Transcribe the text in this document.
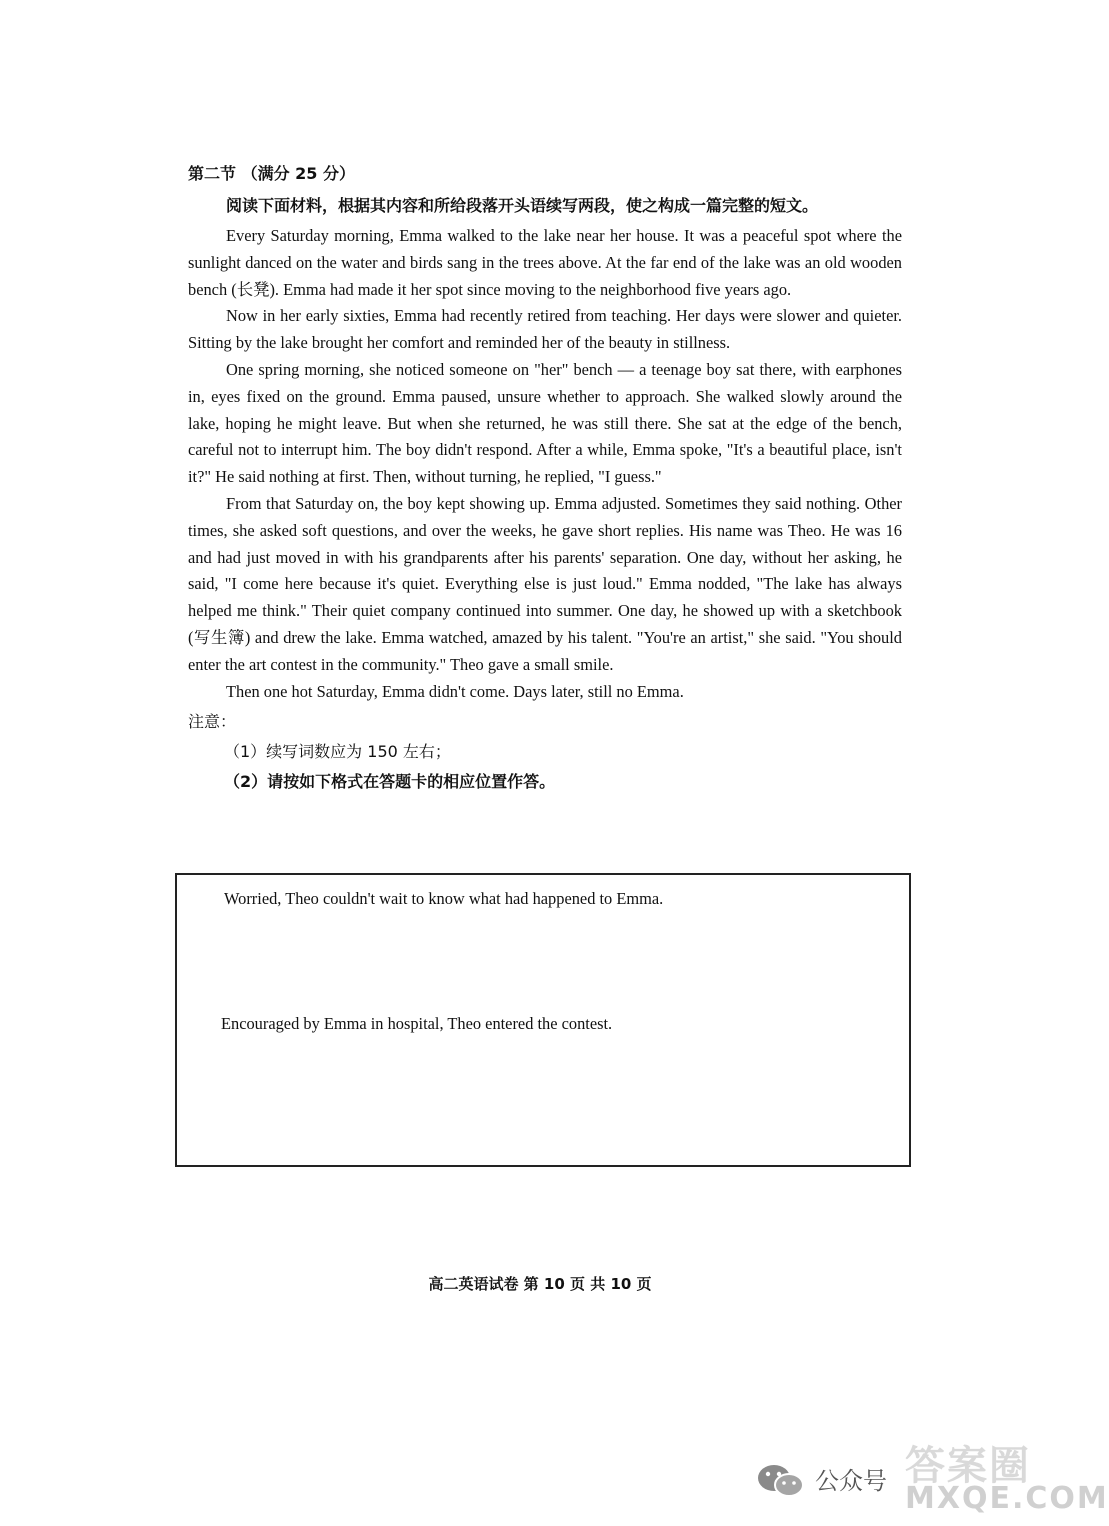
第二节 （满分 25 分）
阅读下面材料，根据其内容和所给段落开头语续写两段，使之构成一篇完整的短文。

Every Saturday morning, Emma walked to the lake near her house. It was a peaceful spot where the sunlight danced on the water and birds sang in the trees above. At the far end of the lake was an old wooden bench (长凳). Emma had made it her spot since moving to the neighborhood five years ago.

Now in her early sixties, Emma had recently retired from teaching. Her days were slower and quieter. Sitting by the lake brought her comfort and reminded her of the beauty in stillness.

One spring morning, she noticed someone on "her" bench — a teenage boy sat there, with earphones in, eyes fixed on the ground. Emma paused, unsure whether to approach. She walked slowly around the lake, hoping he might leave. But when she returned, he was still there. She sat at the edge of the bench, careful not to interrupt him. The boy didn't respond. After a while, Emma spoke, "It's a beautiful place, isn't it?" He said nothing at first. Then, without turning, he replied, "I guess."

From that Saturday on, the boy kept showing up. Emma adjusted. Sometimes they said nothing. Other times, she asked soft questions, and over the weeks, he gave short replies. His name was Theo. He was 16 and had just moved in with his grandparents after his parents' separation. One day, without her asking, he said, "I come here because it's quiet. Everything else is just loud." Emma nodded, "The lake has always helped me think." Their quiet company continued into summer. One day, he showed up with a sketchbook (写生簿) and drew the lake. Emma watched, amazed by his talent. "You're an artist," she said. "You should enter the art contest in the community." Theo gave a small smile.

Then one hot Saturday, Emma didn't come. Days later, still no Emma.

注意：
（1）续写词数应为 150 左右；
（2）请按如下格式在答题卡的相应位置作答。
Worried, Theo couldn't wait to know what had happened to Emma.
Encouraged by Emma in hospital, Theo entered the contest.
高二英语试卷 第 10 页 共 10 页
公众号 答案圈
MXQE.COM
